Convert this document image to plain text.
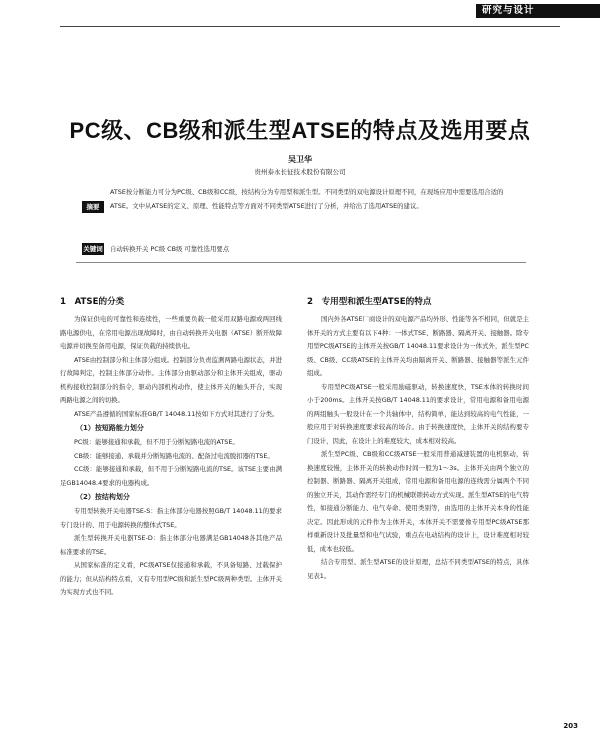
研究与设计
PC级、CB级和派生型ATSE的特点及选用要点
吴卫华
贵州泰永长征技术股份有限公司
摘要
ATSE按分断能力可分为PC级、CB级和CC级，按结构分为专用型和派生型。不同类型的双电源设计原理不同，在现场应用中需要选用合适的ATSE。文中从ATSE的定义、原理、性能特点等方面对不同类型ATSE进行了分析，并给出了选用ATSE的建议。
关键词 自动转换开关 PC级 CB级 可靠性选用要点
1　ATSE的分类

为保证供电的可靠性和连续性，一些重要负载一般采用双路电源或两回线路电源供电，在常用电源出现故障时，由自动转换开关电器（ATSE）断开故障电源并切换至备用电源，保证负载的持续供电。

ATSE由控制部分和主体部分组成。控制部分负责监测两路电源状态，并进行故障判定，控制主体部分动作。主体部分由驱动部分和主体开关组成，驱动机构接收控制部分的指令，驱动内部机构动作，使主体开关的触头开合，实现两路电源之间的切换。

ATSE产品遵循的国家标准GB/T 14048.11按如下方式对其进行了分类。

（1）按短路能力划分

PC级：能够接通和承载，但不用于分断短路电流的ATSE。

CB级：能够接通、承载并分断短路电流的、配备过电流脱扣器的TSE。

CC级：能够接通和承载，但不用于分断短路电流的TSE。该TSE主要由满足GB14048.4要求的电器构成。

（2）按结构划分

专用型转换开关电器TSE-S：指主体部分电器按照GB/T 14048.11的要求专门设计的、用于电源转换的整体式TSE。

派生型转换开关电器TSE-D：指主体部分电器满足GB14048各其他产品标准要求的TSE。

从国家标准的定义看，PC级ATSE仅接通和承载，不具备短路、过载保护的能力；但从结构特点看，又有专用型PC级和派生型PC级两种类型。主体开关为实现方式也不同。

2　专用型和派生型ATSE的特点

国内外各ATSE厂商设计的双电源产品均外形、性能等各不相同，但就是主体开关的方式主要有以下4种：一体式TSE、断路器、隔离开关、接触器。除专用型PC级ATSE的主体开关按GB/T 14048.11要求设计为一体式外，派生型PC级、CB级、CC级ATSE的主体开关均由隔离开关、断路器、接触器等派生元件组成。

专用型PC级ATSE一般采用励磁驱动，转换速度快，TSE本体的转换时间小于200ms。主体开关按GB/T 14048.11的要求设计，常用电源和备用电源的两组触头一般设计在一个共轴体中，结构简单，能达到较高的电气性能，一般应用于对转换速度要求较高的场合。由于转换速度快，主体开关的结构要专门设计，因此，在设计上的难度较大，成本相对较高。

派生型PC级、CB级和CC级ATSE一般采用普通减速装置的电机驱动，转换速度较慢，主体开关的转换动作时间一般为1～3s。主体开关由两个独立的控制器、断路器、隔离开关组成，常用电源和备用电源的连线需分属两个不同的独立开关，其动作需经专门的机械联锁转动方式实现。派生型ATSE的电气特性，如接通分断能力、电气寿命、使用类别等，由选用的主体开关本身的性能决定。因此形成的元件作为主体开关，本体开关不需要像专用型PC级ATSE那样重新设计及批量型和电气试验，重点在电动结构的设计上，设计难度相对较低，成本也较低。

结合专用型、派生型ATSE的设计原理，总结不同类型ATSE的特点，具体见表1。

203
